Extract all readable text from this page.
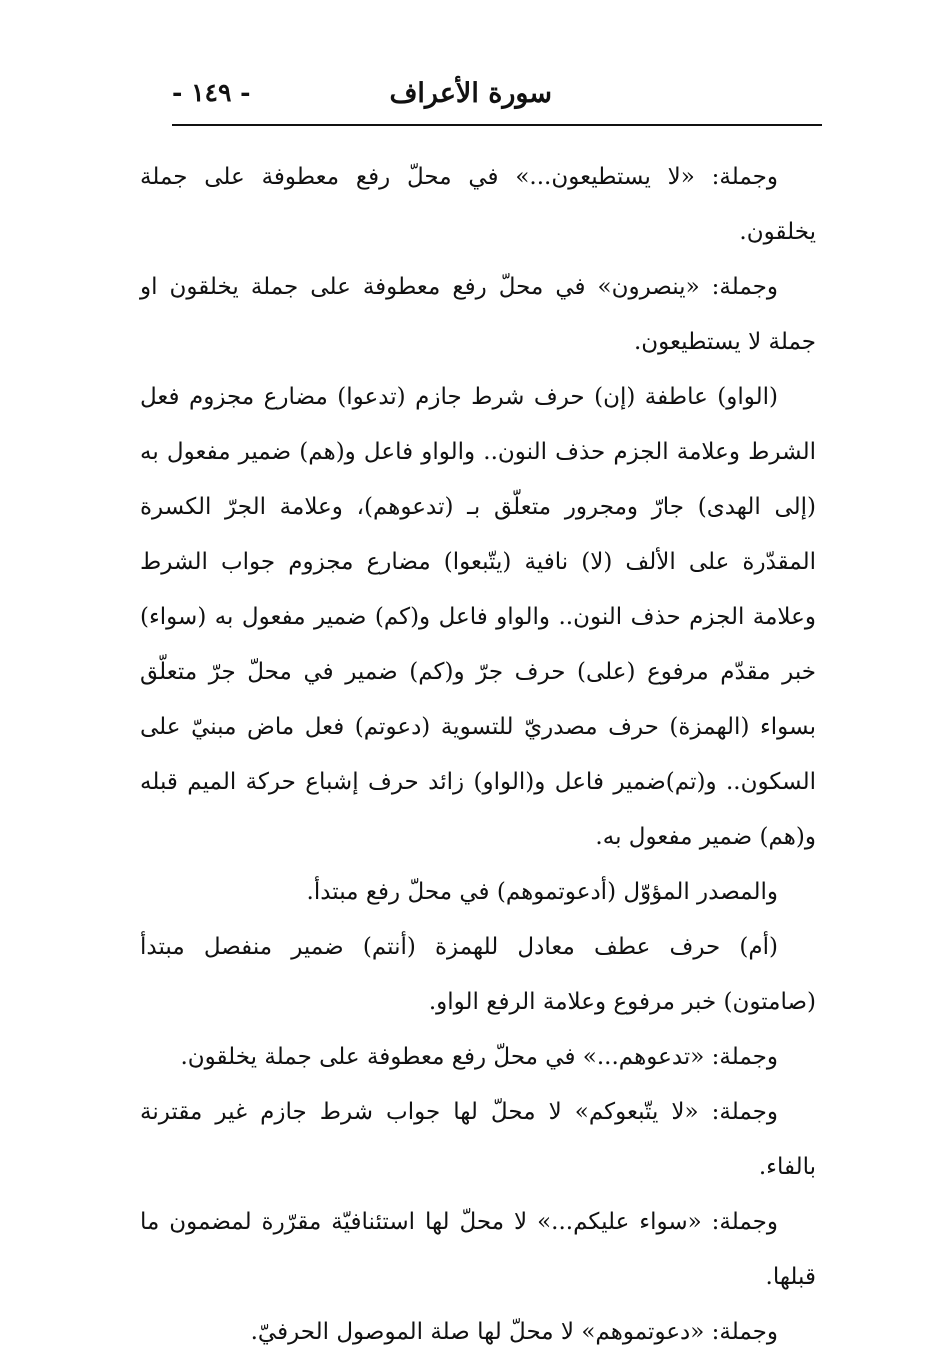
سورة الأعراف
- ١٤٩ -

وجملة: «لا يستطيعون...» في محلّ رفع معطوفة على جملة يخلقون.

وجملة: «ينصرون» في محلّ رفع معطوفة على جملة يخلقون او جملة لا يستطيعون.

(الواو) عاطفة (إن) حرف شرط جازم (تدعوا) مضارع مجزوم فعل الشرط وعلامة الجزم حذف النون.. والواو فاعل و(هم) ضمير مفعول به (إلى الهدى) جارّ ومجرور متعلّق بـ (تدعوهم)، وعلامة الجرّ الكسرة المقدّرة على الألف (لا) نافية (يتّبعوا) مضارع مجزوم جواب الشرط وعلامة الجزم حذف النون.. والواو فاعل و(كم) ضمير مفعول به (سواء) خبر مقدّم مرفوع (على) حرف جرّ و(كم) ضمير في محلّ جرّ متعلّق بسواء (الهمزة) حرف مصدريّ للتسوية (دعوتم) فعل ماض مبنيّ على السكون.. و(تم)ضمير فاعل و(الواو) زائد حرف إشباع حركة الميم قبله و(هم) ضمير مفعول به.

والمصدر المؤوّل (أدعوتموهم) في محلّ رفع مبتدأ.

(أم) حرف عطف معادل للهمزة (أنتم) ضمير منفصل مبتدأ (صامتون) خبر مرفوع وعلامة الرفع الواو.

وجملة: «تدعوهم...» في محلّ رفع معطوفة على جملة يخلقون.

وجملة: «لا يتّبعوكم» لا محلّ لها جواب شرط جازم غير مقترنة بالفاء.

وجملة: «سواء عليكم...» لا محلّ لها استئنافيّة مقرّرة لمضمون ما قبلها.

وجملة: «دعوتموهم» لا محلّ لها صلة الموصول الحرفيّ.
